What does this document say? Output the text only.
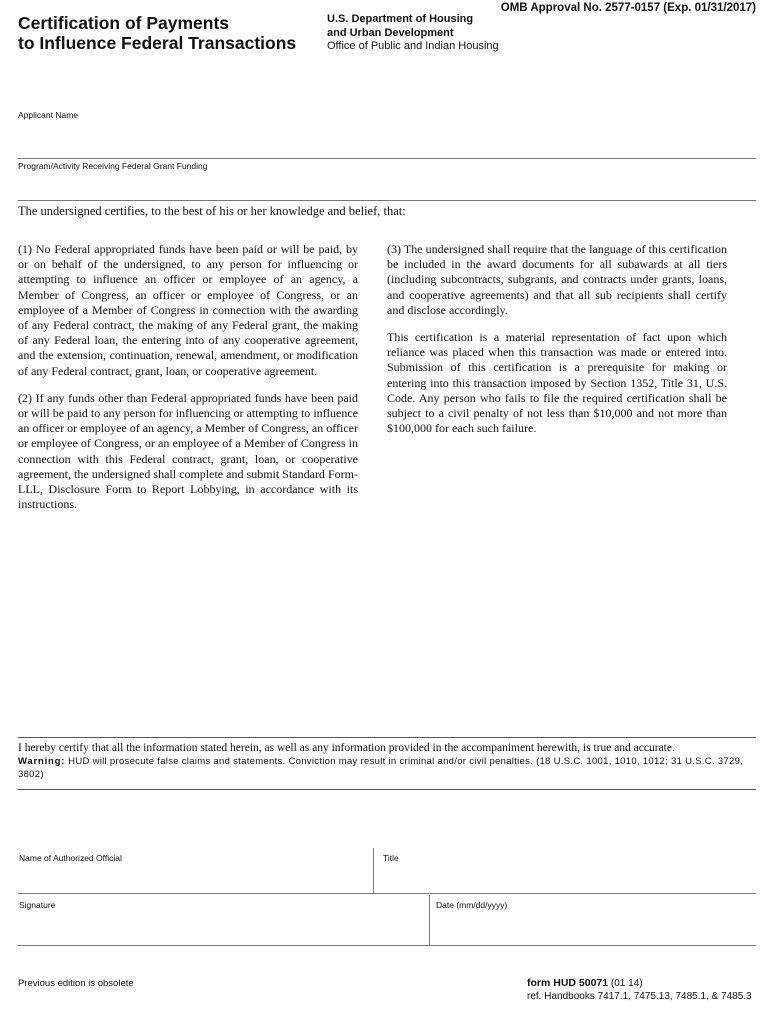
OMB Approval No. 2577-0157 (Exp. 01/31/2017)
Certification of Payments
to Influence Federal Transactions
U.S. Department of Housing
and Urban Development
Office of Public and Indian Housing
Applicant Name
Program/Activity Receiving Federal Grant Funding
The undersigned certifies, to the best of his or her knowledge and belief, that:

(1) No Federal appropriated funds have been paid or will be paid, by or on behalf of the undersigned, to any person for influencing or attempting to influence an officer or employee of an agency, a Member of Congress, an officer or employee of Congress, or an employee of a Member of Congress in connection with the awarding of any Federal contract, the making of any Federal grant, the making of any Federal loan, the entering into of any cooperative agreement, and the extension, continuation, renewal, amendment, or modification of any Federal contract, grant, loan, or cooperative agreement.

(2) If any funds other than Federal appropriated funds have been paid or will be paid to any person for influencing or attempting to influence an officer or employee of an agency, a Member of Congress, an officer or employee of Congress, or an employee of a Member of Congress in connection with this Federal contract, grant, loan, or cooperative agreement, the undersigned shall complete and submit Standard Form-LLL, Disclosure Form to Report Lobbying, in accordance with its instructions.

(3) The undersigned shall require that the language of this certification be included in the award documents for all subawards at all tiers (including subcontracts, subgrants, and contracts under grants, loans, and cooperative agreements) and that all sub recipients shall certify and disclose accordingly.

This certification is a material representation of fact upon which reliance was placed when this transaction was made or entered into. Submission of this certification is a prerequisite for making or entering into this transaction imposed by Section 1352, Title 31, U.S. Code. Any person who fails to file the required certification shall be subject to a civil penalty of not less than $10,000 and not more than $100,000 for each such failure.

I hereby certify that all the information stated herein, as well as any information provided in the accompaniment herewith, is true and accurate.
Warning: HUD will prosecute false claims and statements. Conviction may result in criminal and/or civil penalties. (18 U.S.C. 1001, 1010, 1012; 31 U.S.C. 3729, 3802)
Name of Authorized Official	Title
Signature	Date (mm/dd/yyyy)
Previous edition is obsolete	form HUD 50071 (01 14)
ref. Handbooks 7417.1, 7475.13, 7485.1, & 7485.3
